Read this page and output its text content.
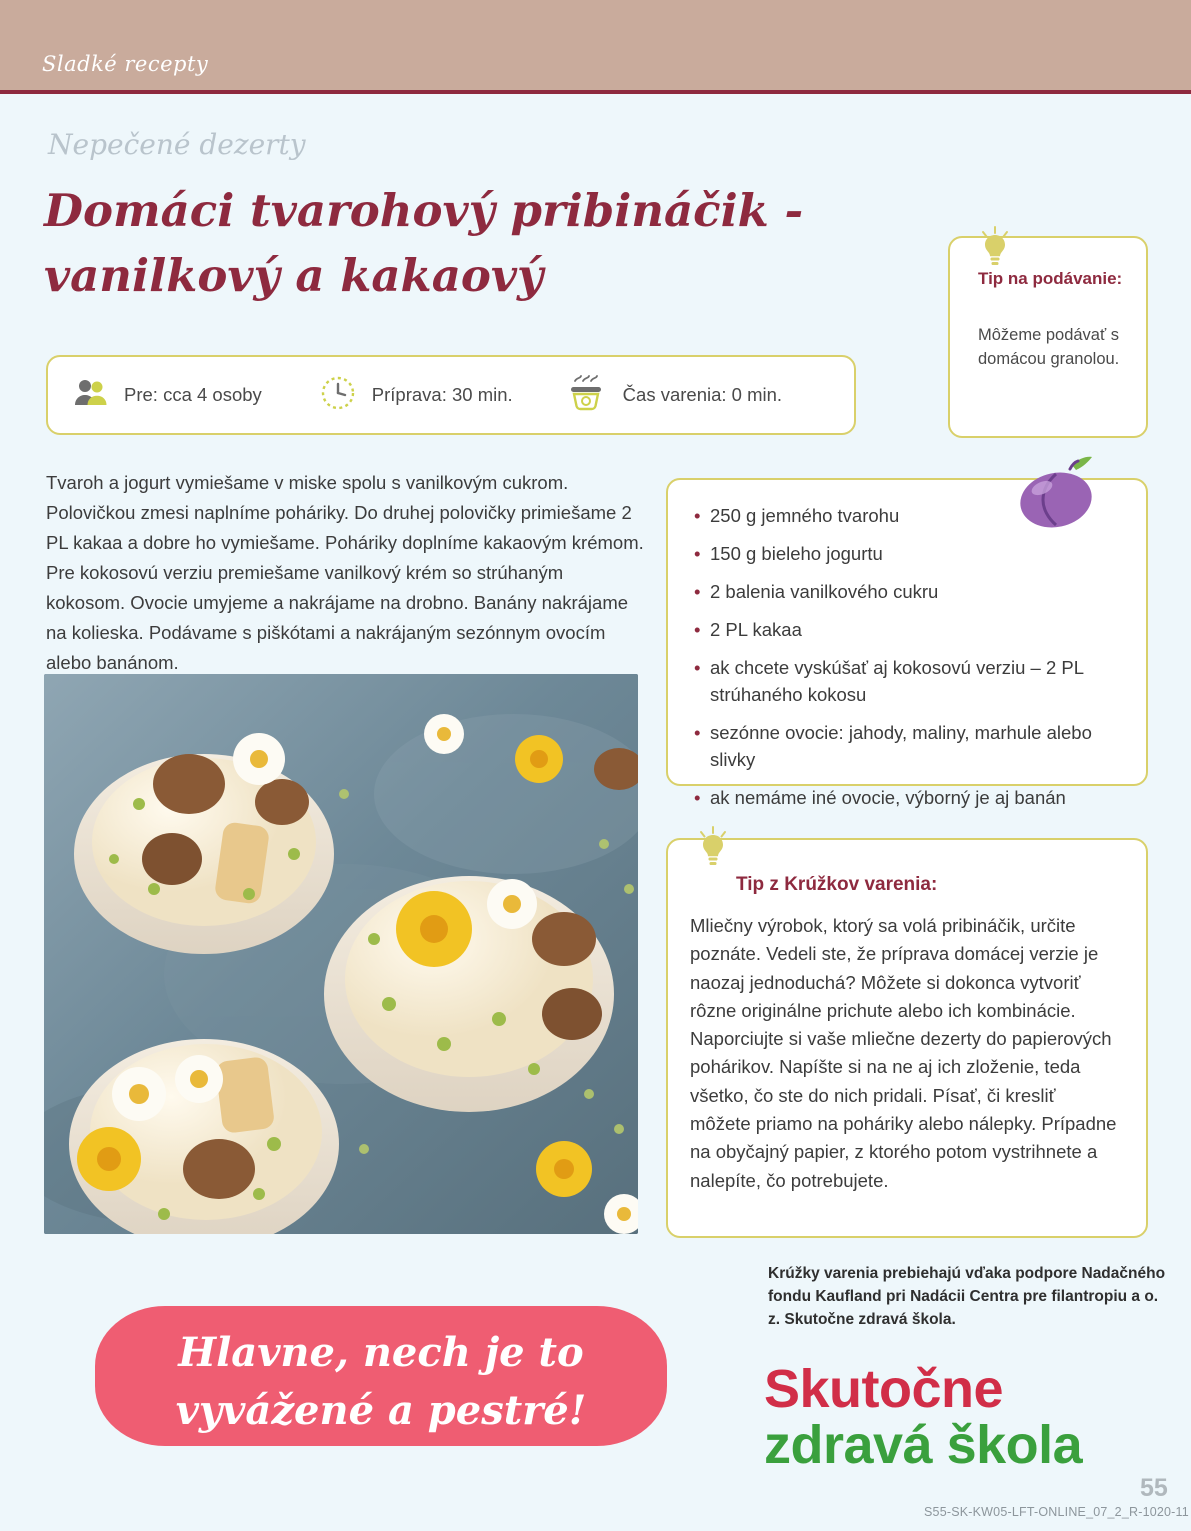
Sladké recepty
Nepečené dezerty
Domáci tvarohový pribináčik - vanilkový a kakaový
Pre: cca 4 osoby	Príprava: 30 min.	Čas varenia: 0 min.
Tip na podávanie:
Môžeme podávať s domácou granolou.
Tvaroh a jogurt vymiešame v miske spolu s vanilkovým cukrom. Polovičkou zmesi naplníme poháriky. Do druhej polovičky primiešame 2 PL kakaa a dobre ho vymiešame. Poháriky doplníme kakaovým krémom. Pre kokosovú verziu premiešame vanilkový krém so strúhaným kokosom. Ovocie umyjeme a nakrájame na drobno. Banány nakrájame na kolieska. Podávame s piškótami a nakrájaným sezónnym ovocím alebo banánom.
• 250 g jemného tvarohu
• 150 g bieleho jogurtu
• 2 balenia vanilkového cukru
• 2 PL kakaa
• ak chcete vyskúšať aj kokosovú verziu – 2 PL strúhaného kokosu
• sezónne ovocie: jahody, maliny, marhule alebo slivky
• ak nemáme iné ovocie, výborný je aj banán
Tip z Krúžkov varenia:
Mliečny výrobok, ktorý sa volá pribináčik, určite poznáte. Vedeli ste, že príprava domácej verzie je naozaj jednoduchá? Môžete si dokonca vytvoriť rôzne originálne prichute alebo ich kombinácie. Naporciujte si vaše mliečne dezerty do papierových pohárikov. Napíšte si na ne aj ich zloženie, teda všetko, čo ste do nich pridali. Písať, či kresliť môžete priamo na poháriky alebo nálepky. Prípadne na obyčajný papier, z ktorého potom vystrihnete a nalepíte, čo potrebujete.
Krúžky varenia prebiehajú vďaka podpore Nadačného fondu Kaufland pri Nadácii Centra pre filantropiu a o. z. Skutočne zdravá škola.
Skutočne
zdravá škola
Hlavne, nech je to vyvážené a pestré!
55
S55-SK-KW05-LFT-ONLINE_07_2_R-1020-11
